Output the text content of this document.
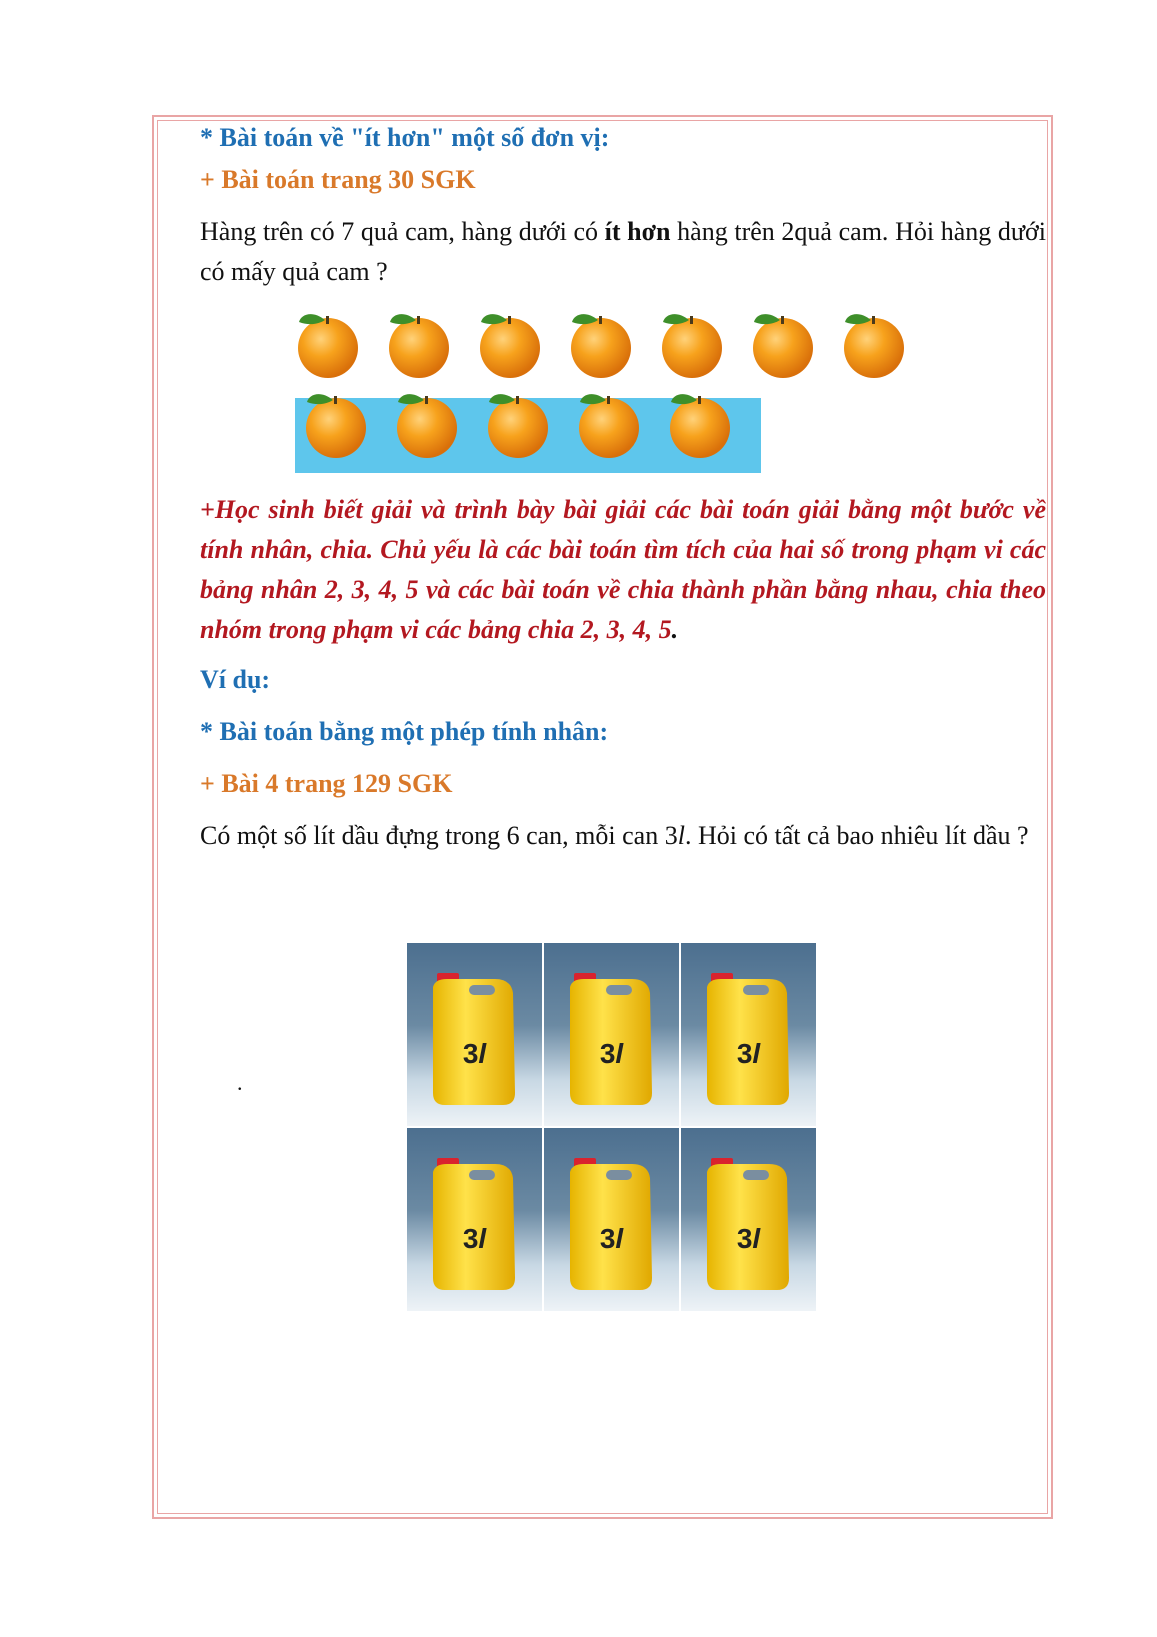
* Bài toán về "ít hơn" một số đơn vị:

+ Bài toán trang 30 SGK

Hàng trên có 7 quả cam, hàng dưới có ít hơn hàng trên 2quả cam. Hỏi hàng dưới có mấy quả cam ?

+Học sinh biết giải và trình bày bài giải các bài toán giải bằng một bước về tính nhân, chia. Chủ yếu là các bài toán tìm tích của hai số trong phạm vi các bảng nhân 2, 3, 4, 5 và các bài toán về chia thành phần bằng nhau, chia theo nhóm trong phạm vi các bảng chia 2, 3, 4, 5.

Ví dụ:

* Bài toán bằng một phép tính nhân:

+ Bài 4 trang 129 SGK

Có một số lít dầu đựng trong 6 can, mỗi can 3l. Hỏi có tất cả bao nhiêu lít dầu ?

.
3l	3l	3l
3l	3l	3l
